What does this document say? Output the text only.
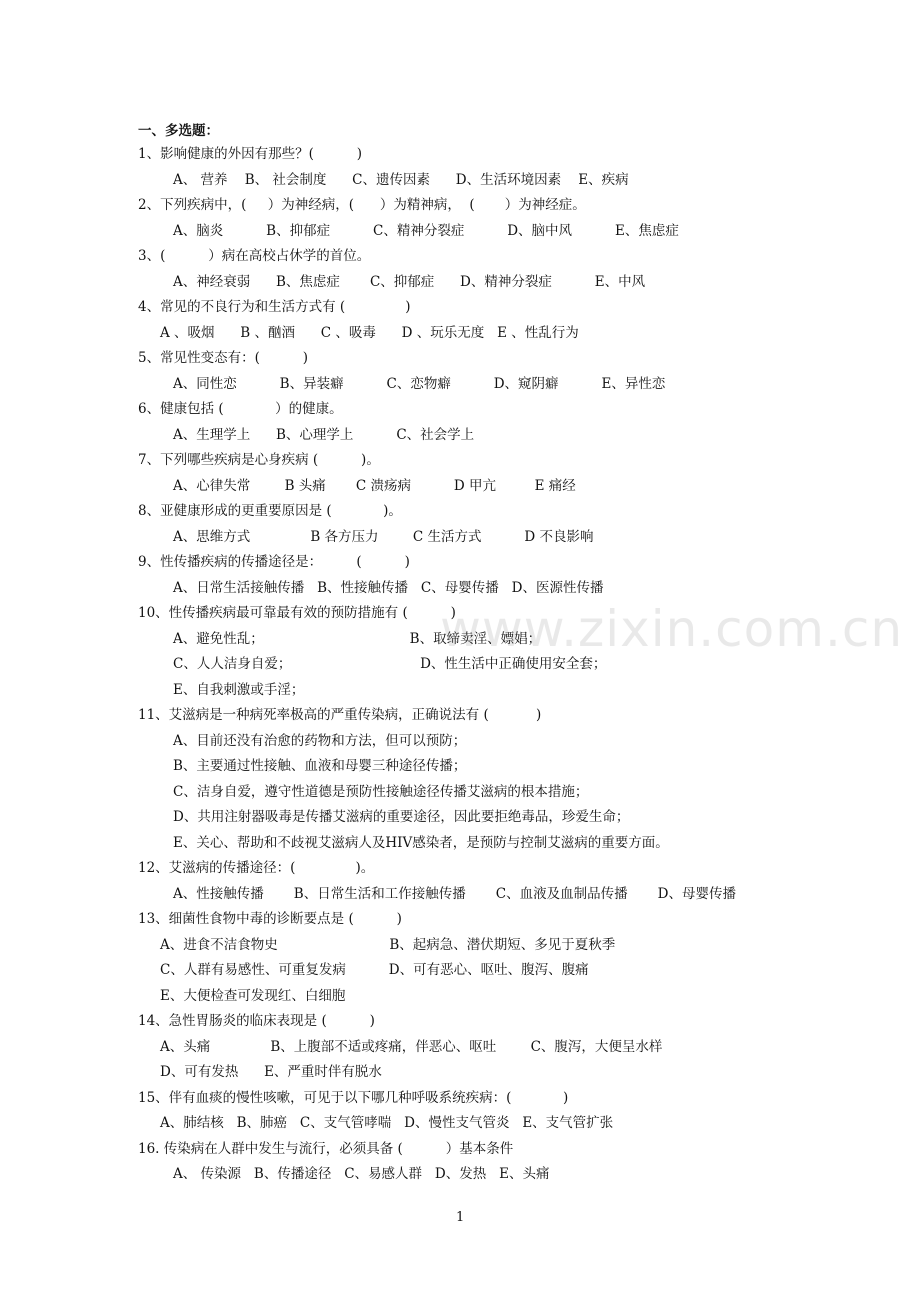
一、多选题：
1、影响健康的外因有那些？(          )
A、 营养    B、 社会制度      C、遗传因素      D、生活环境因素    E、疾病
2、下列疾病中，(     ）为神经病，(      ）为精神病，  (       ）为神经症。
A、脑炎          B、抑郁症          C、精神分裂症          D、脑中风          E、焦虑症
3、(          ）病在高校占休学的首位。
A、神经衰弱      B、焦虑症       C、抑郁症      D、精神分裂症          E、中风
4、常见的不良行为和生活方式有 (              )
A 、吸烟      B 、酗酒      C 、吸毒      D 、玩乐无度   E 、性乱行为
5、常见性变态有：(          )
A、同性恋          B、异装癖          C、恋物癖          D、窥阴癖          E、异性恋
6、健康包括 (            ）的健康。
A、生理学上      B、心理学上          C、社会学上
7、下列哪些疾病是心身疾病 (          )。
A、心律失常        B 头痛       C 溃疡病          D 甲亢         E 痛经
8、亚健康形成的更重要原因是 (            )。
A、思维方式              B 各方压力        C 生活方式          D 不良影响
9、性传播疾病的传播途径是：        (          )
A、日常生活接触传播   B、性接触传播   C、母婴传播   D、医源性传播
10、性传播疾病最可靠最有效的预防措施有 (          )
A、避免性乱；                                  B、取缔卖淫、嫖娼；
C、人人洁身自爱；                              D、性生活中正确使用安全套；
E、自我刺激或手淫；
11、艾滋病是一种病死率极高的严重传染病，正确说法有 (           )
A、目前还没有治愈的药物和方法，但可以预防；
B、主要通过性接触、血液和母婴三种途径传播；
C、洁身自爱，遵守性道德是预防性接触途径传播艾滋病的根本措施；
D、共用注射器吸毒是传播艾滋病的重要途径，因此要拒绝毒品，珍爱生命；
E、关心、帮助和不歧视艾滋病人及HIV感染者，是预防与控制艾滋病的重要方面。
12、艾滋病的传播途径：(              )。
A、性接触传播       B、日常生活和工作接触传播       C、血液及血制品传播       D、母婴传播
13、细菌性食物中毒的诊断要点是 (          )
A、进食不洁食物史                          B、起病急、潜伏期短、多见于夏秋季
C、人群有易感性、可重复发病          D、可有恶心、呕吐、腹泻、腹痛
E、大便检查可发现红、白细胞
14、急性胃肠炎的临床表现是 (          )
A、头痛              B、上腹部不适或疼痛，伴恶心、呕吐        C、腹泻，大便呈水样
D、可有发热      E、严重时伴有脱水
15、伴有血痰的慢性咳嗽，可见于以下哪几种呼吸系统疾病：(            )
A、肺结核   B、肺癌   C、支气管哮喘   D、慢性支气管炎   E、支气管扩张
16. 传染病在人群中发生与流行，必须具备 (          ）基本条件
A、 传染源   B、传播途径   C、易感人群   D、发热   E、头痛
www.zixin.com.cn
1
